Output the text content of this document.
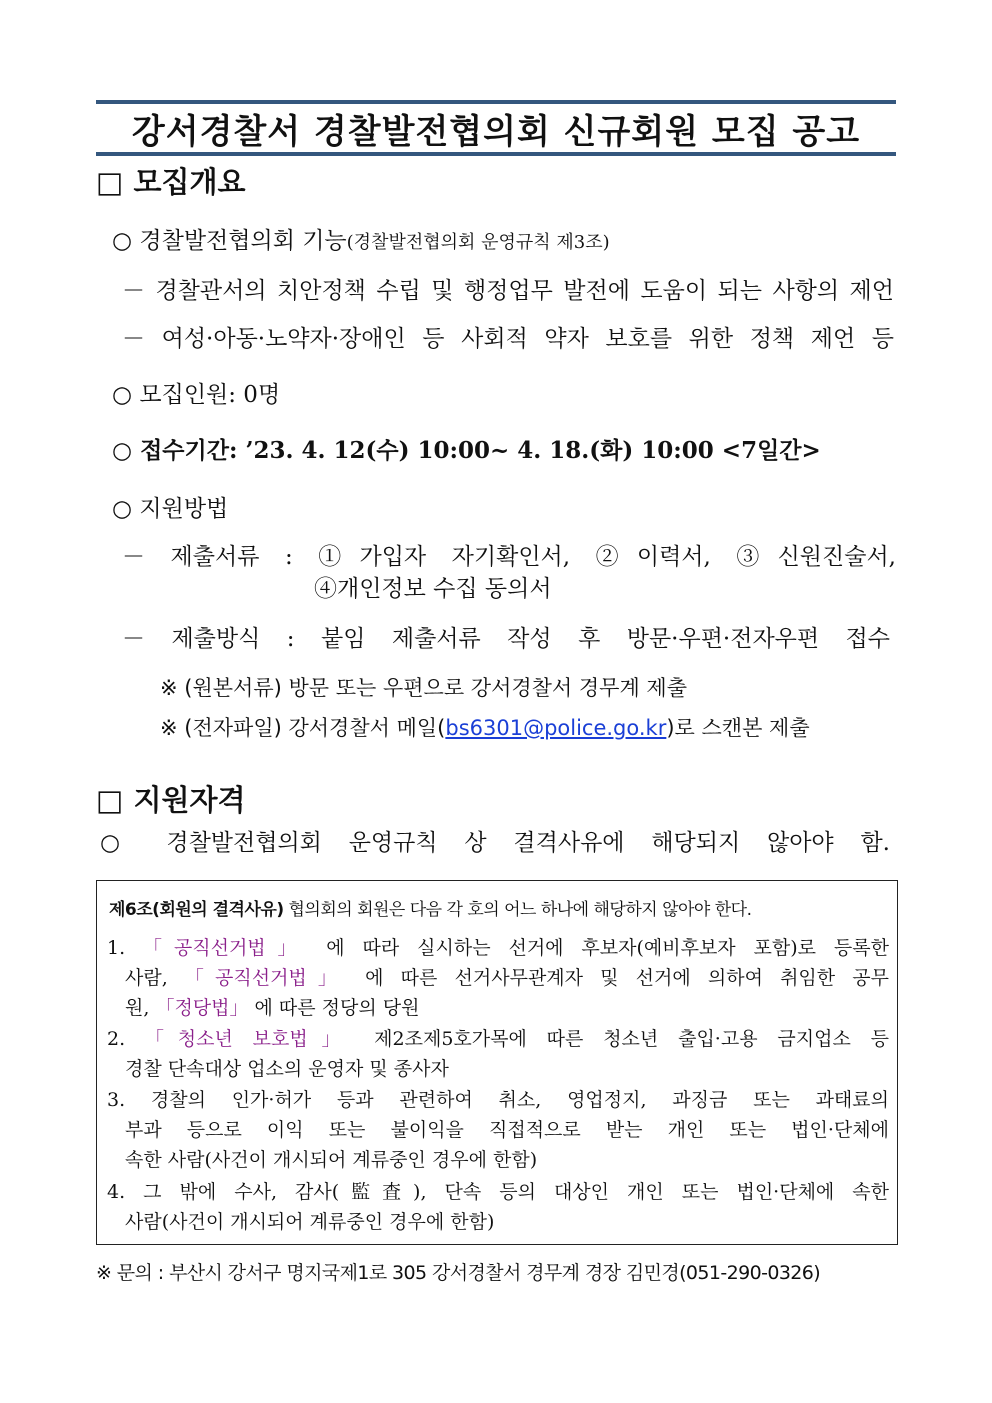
강서경찰서 경찰발전협의회 신규회원 모집 공고
□ 모집개요
○ 경찰발전협의회 기능(경찰발전협의회 운영규칙 제3조)
－ 경찰관서의 치안정책 수립 및 행정업무 발전에 도움이 되는 사항의 제언
－ 여성·아동·노약자·장애인 등 사회적 약자 보호를 위한 정책 제언 등
○ 모집인원: 0명
○ 접수기간: ’23. 4. 12(수) 10:00~ 4. 18.(화) 10:00 <7일간>
○ 지원방법
－ 제출서류 : ①가입자 자기확인서, ②이력서, ③신원진술서,
④개인정보 수집 동의서
－ 제출방식 : 붙임 제출서류 작성 후 방문·우편·전자우편 접수
※ (원본서류) 방문 또는 우편으로 강서경찰서 경무계 제출
※ (전자파일) 강서경찰서 메일(bs6301@police.go.kr)로 스캔본 제출
□ 지원자격
○ 경찰발전협의회 운영규칙 상 결격사유에 해당되지 않아야 함.
제6조(회원의 결격사유) 협의회의 회원은 다음 각 호의 어느 하나에 해당하지 않아야 한다.
1. 「공직선거법」 에 따라 실시하는 선거에 후보자(예비후보자 포함)로 등록한
사람, 「공직선거법」 에 따른 선거사무관계자 및 선거에 의하여 취임한 공무
원, 「정당법」 에 따른 정당의 당원
2. 「청소년 보호법」 제2조제5호가목에 따른 청소년 출입·고용 금지업소 등
경찰 단속대상 업소의 운영자 및 종사자
3. 경찰의 인가·허가 등과 관련하여 취소, 영업정지, 과징금 또는 과태료의
부과 등으로 이익 또는 불이익을 직접적으로 받는 개인 또는 법인·단체에
속한 사람(사건이 개시되어 계류중인 경우에 한함)
4. 그 밖에 수사, 감사(監査), 단속 등의 대상인 개인 또는 법인·단체에 속한
사람(사건이 개시되어 계류중인 경우에 한함)
※ 문의 : 부산시 강서구 명지국제1로 305 강서경찰서 경무계 경장 김민경(051-290-0326)
